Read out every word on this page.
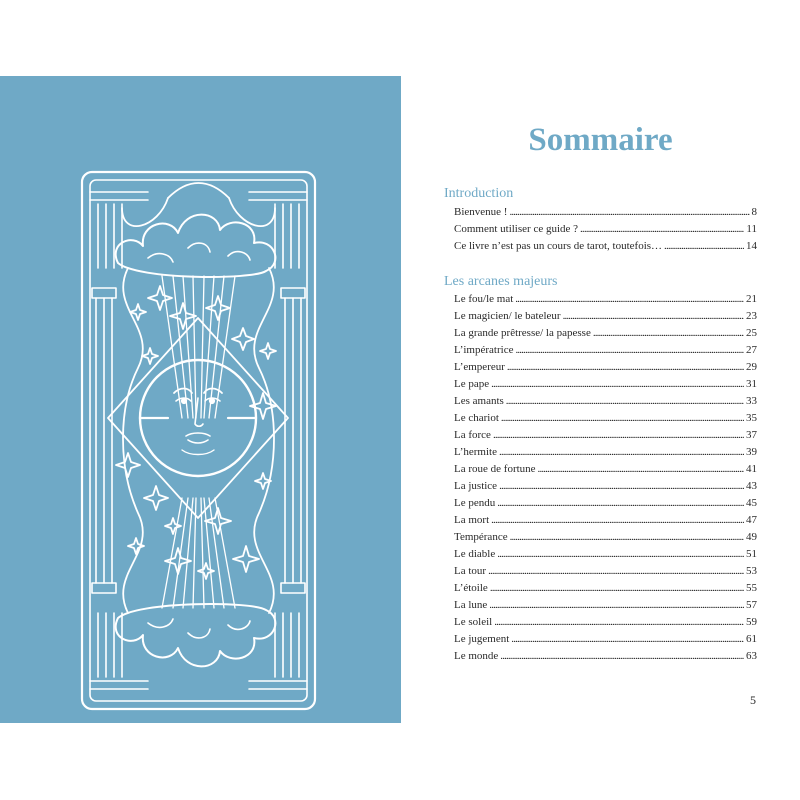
Sommaire
Introduction
Bienvenue ! . . .	8
Comment utiliser ce guide ? . . .	11
Ce livre n’est pas un cours de tarot, toutefois… . . .	14
Les arcanes majeurs
Le fou/le mat . . .	21
Le magicien/ le bateleur . . .	23
La grande prêtresse/ la papesse . . .	25
L’impératrice . . .	27
L’empereur . . .	29
Le pape . . .	31
Les amants . . .	33
Le chariot . . .	35
La force . . .	37
L’hermite . . .	39
La roue de fortune . . .	41
La justice . . .	43
Le pendu . . .	45
La mort . . .	47
Tempérance . . .	49
Le diable . . .	51
La tour . . .	53
L’étoile . . .	55
La lune . . .	57
Le soleil . . .	59
Le jugement . . .	61
Le monde . . .	63
5
